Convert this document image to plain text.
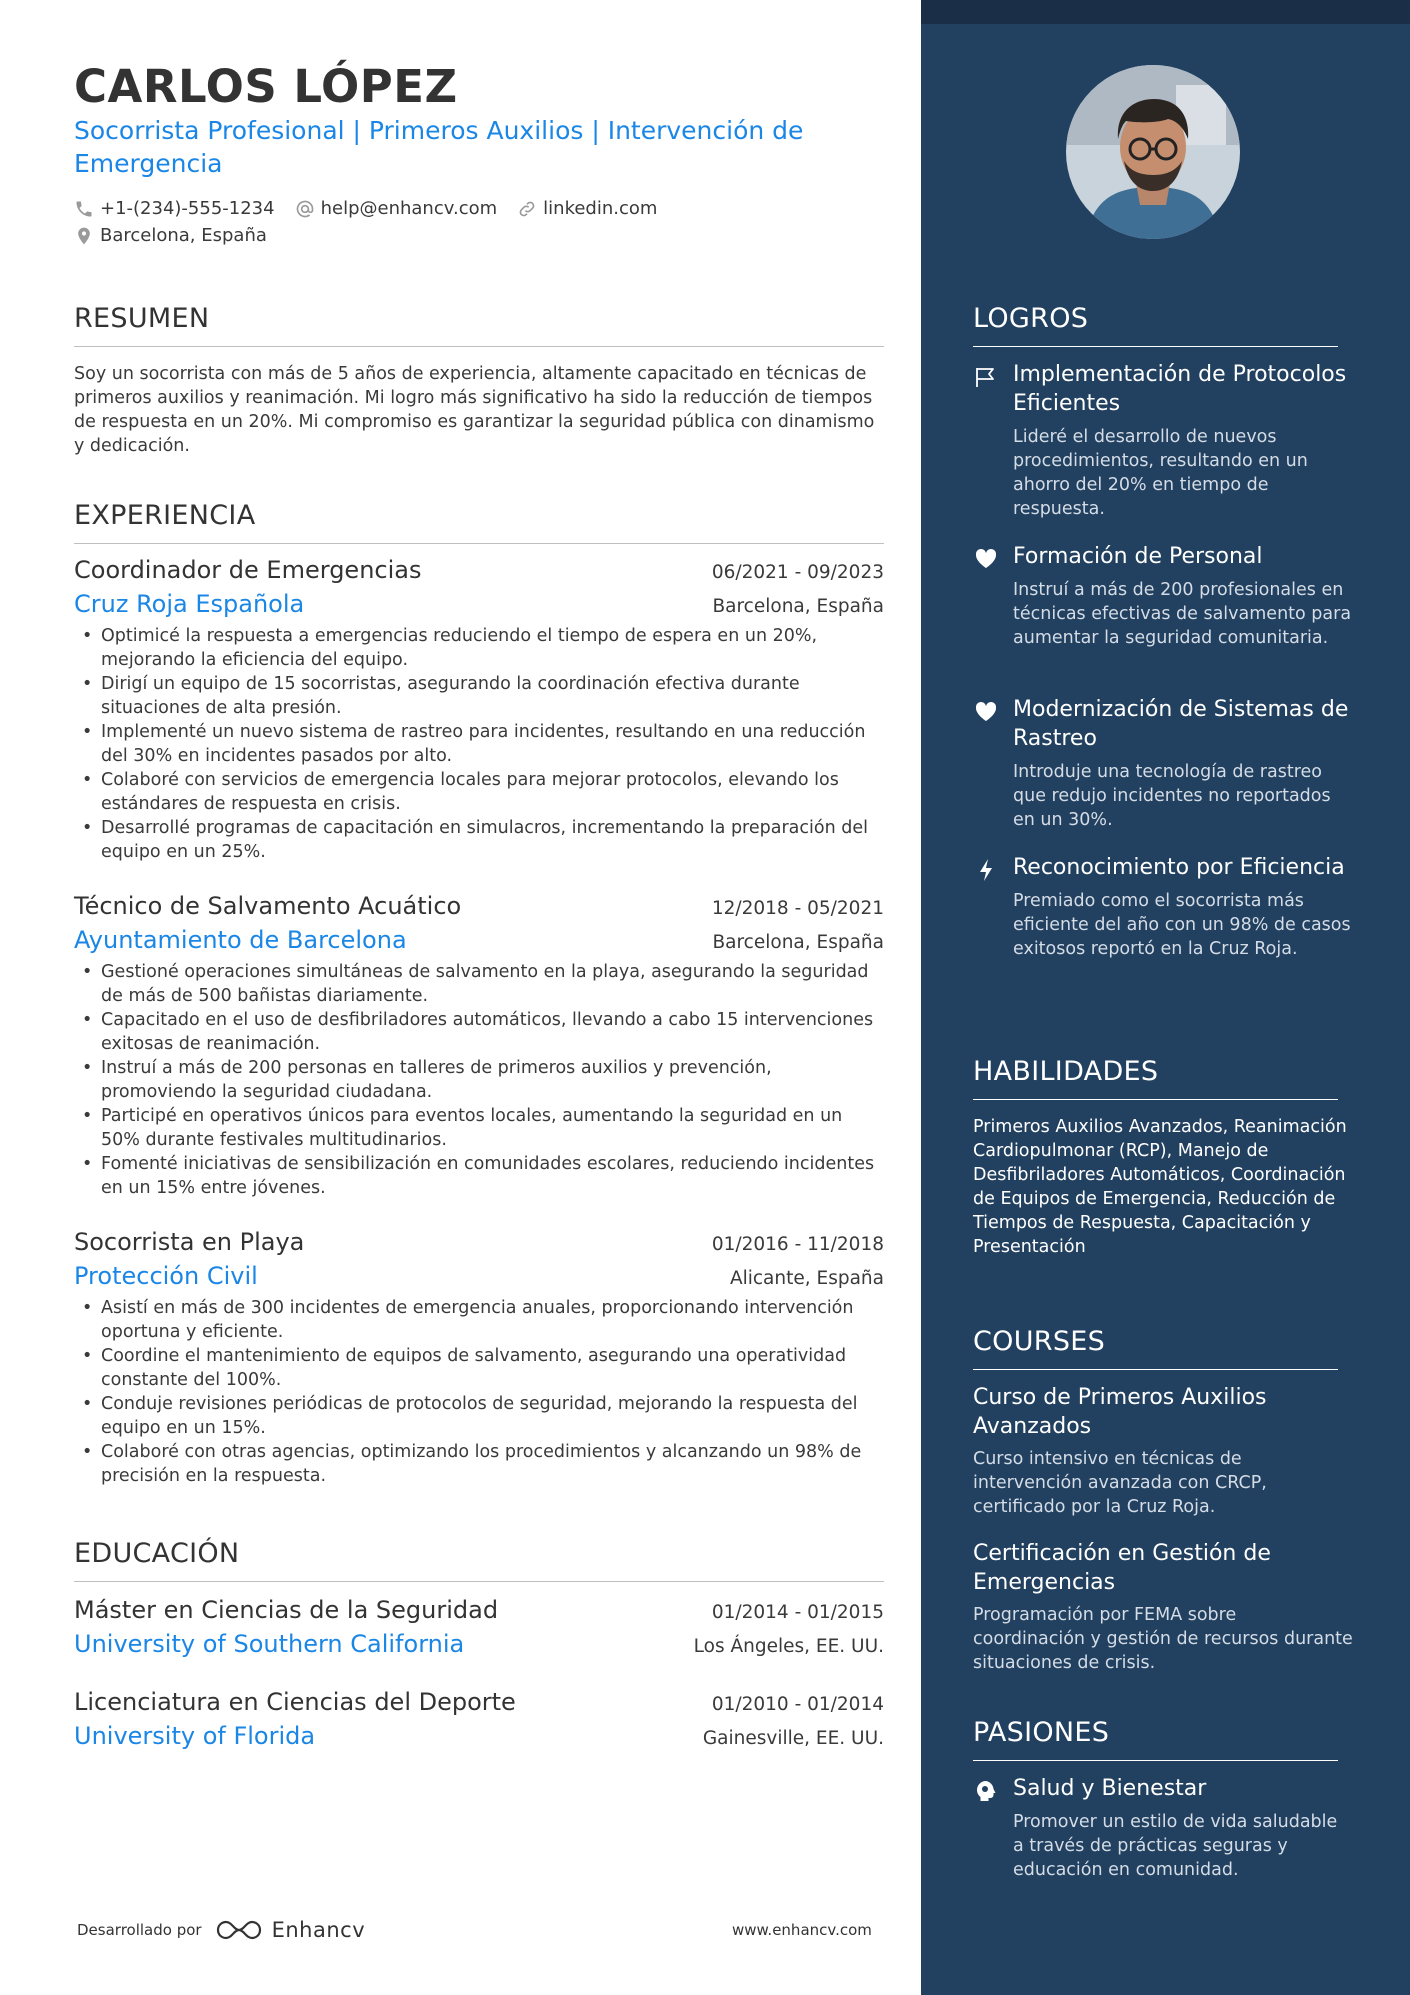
CARLOS LÓPEZ
Socorrista Profesional | Primeros Auxilios | Intervención de Emergencia
+1-(234)-555-1234	help@enhancv.com	linkedin.com
Barcelona, España
RESUMEN
Soy un socorrista con más de 5 años de experiencia, altamente capacitado en técnicas de primeros auxilios y reanimación. Mi logro más significativo ha sido la reducción de tiempos de respuesta en un 20%. Mi compromiso es garantizar la seguridad pública con dinamismo y dedicación.
EXPERIENCIA
Coordinador de Emergencias	06/2021 - 09/2023
Cruz Roja Española	Barcelona, España
• Optimicé la respuesta a emergencias reduciendo el tiempo de espera en un 20%, mejorando la eficiencia del equipo.
• Dirigí un equipo de 15 socorristas, asegurando la coordinación efectiva durante situaciones de alta presión.
• Implementé un nuevo sistema de rastreo para incidentes, resultando en una reducción del 30% en incidentes pasados por alto.
• Colaboré con servicios de emergencia locales para mejorar protocolos, elevando los estándares de respuesta en crisis.
• Desarrollé programas de capacitación en simulacros, incrementando la preparación del equipo en un 25%.
Técnico de Salvamento Acuático	12/2018 - 05/2021
Ayuntamiento de Barcelona	Barcelona, España
• Gestioné operaciones simultáneas de salvamento en la playa, asegurando la seguridad de más de 500 bañistas diariamente.
• Capacitado en el uso de desfibriladores automáticos, llevando a cabo 15 intervenciones exitosas de reanimación.
• Instruí a más de 200 personas en talleres de primeros auxilios y prevención, promoviendo la seguridad ciudadana.
• Participé en operativos únicos para eventos locales, aumentando la seguridad en un 50% durante festivales multitudinarios.
• Fomenté iniciativas de sensibilización en comunidades escolares, reduciendo incidentes en un 15% entre jóvenes.
Socorrista en Playa	01/2016 - 11/2018
Protección Civil	Alicante, España
• Asistí en más de 300 incidentes de emergencia anuales, proporcionando intervención oportuna y eficiente.
• Coordine el mantenimiento de equipos de salvamento, asegurando una operatividad constante del 100%.
• Conduje revisiones periódicas de protocolos de seguridad, mejorando la respuesta del equipo en un 15%.
• Colaboré con otras agencias, optimizando los procedimientos y alcanzando un 98% de precisión en la respuesta.
EDUCACIÓN
Máster en Ciencias de la Seguridad	01/2014 - 01/2015
University of Southern California	Los Ángeles, EE. UU.
Licenciatura en Ciencias del Deporte	01/2010 - 01/2014
University of Florida	Gainesville, EE. UU.
Desarrollado por	Enhancv	www.enhancv.com
LOGROS
Implementación de Protocolos Eficientes
Lideré el desarrollo de nuevos procedimientos, resultando en un ahorro del 20% en tiempo de respuesta.
Formación de Personal
Instruí a más de 200 profesionales en técnicas efectivas de salvamento para aumentar la seguridad comunitaria.
Modernización de Sistemas de Rastreo
Introduje una tecnología de rastreo que redujo incidentes no reportados en un 30%.
Reconocimiento por Eficiencia
Premiado como el socorrista más eficiente del año con un 98% de casos exitosos reportó en la Cruz Roja.
HABILIDADES
Primeros Auxilios Avanzados, Reanimación Cardiopulmonar (RCP), Manejo de Desfibriladores Automáticos, Coordinación de Equipos de Emergencia, Reducción de Tiempos de Respuesta, Capacitación y Presentación
COURSES
Curso de Primeros Auxilios Avanzados
Curso intensivo en técnicas de intervención avanzada con CRCP, certificado por la Cruz Roja.
Certificación en Gestión de Emergencias
Programación por FEMA sobre coordinación y gestión de recursos durante situaciones de crisis.
PASIONES
Salud y Bienestar
Promover un estilo de vida saludable a través de prácticas seguras y educación en comunidad.
